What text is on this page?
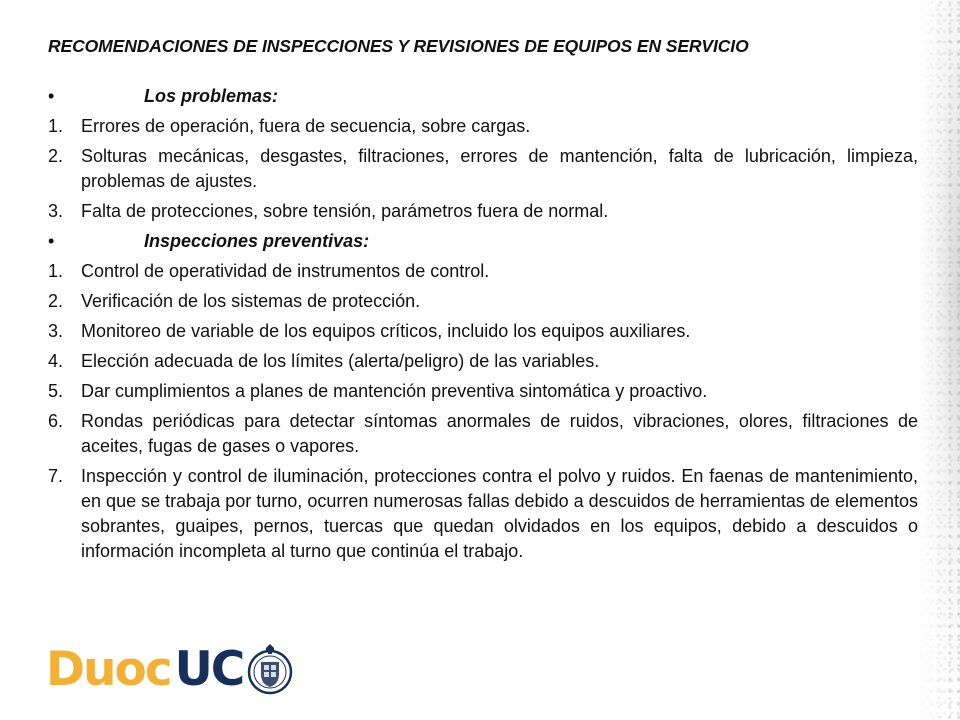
RECOMENDACIONES DE INSPECCIONES Y REVISIONES DE EQUIPOS EN SERVICIO
•	Los problemas:
1. Errores de operación, fuera de secuencia, sobre cargas.
2. Solturas mecánicas, desgastes, filtraciones, errores de mantención, falta de lubricación, limpieza, problemas de ajustes.
3. Falta de protecciones, sobre tensión, parámetros fuera de normal.
•	Inspecciones preventivas:
1. Control de operatividad de instrumentos de control.
2. Verificación de los sistemas de protección.
3. Monitoreo de variable de los equipos críticos, incluido los equipos auxiliares.
4. Elección adecuada de los límites (alerta/peligro) de las variables.
5. Dar cumplimientos a planes de mantención preventiva sintomática y proactivo.
6. Rondas periódicas para detectar síntomas anormales de ruidos, vibraciones, olores, filtraciones de aceites, fugas de gases o vapores.
7. Inspección y control de iluminación, protecciones contra el polvo y ruidos. En faenas de mantenimiento, en que se trabaja por turno, ocurren numerosas fallas debido a descuidos de herramientas de elementos sobrantes, guaipes, pernos, tuercas que quedan olvidados en los equipos, debido a descuidos o información incompleta al turno que continúa el trabajo.
Duoc UC
